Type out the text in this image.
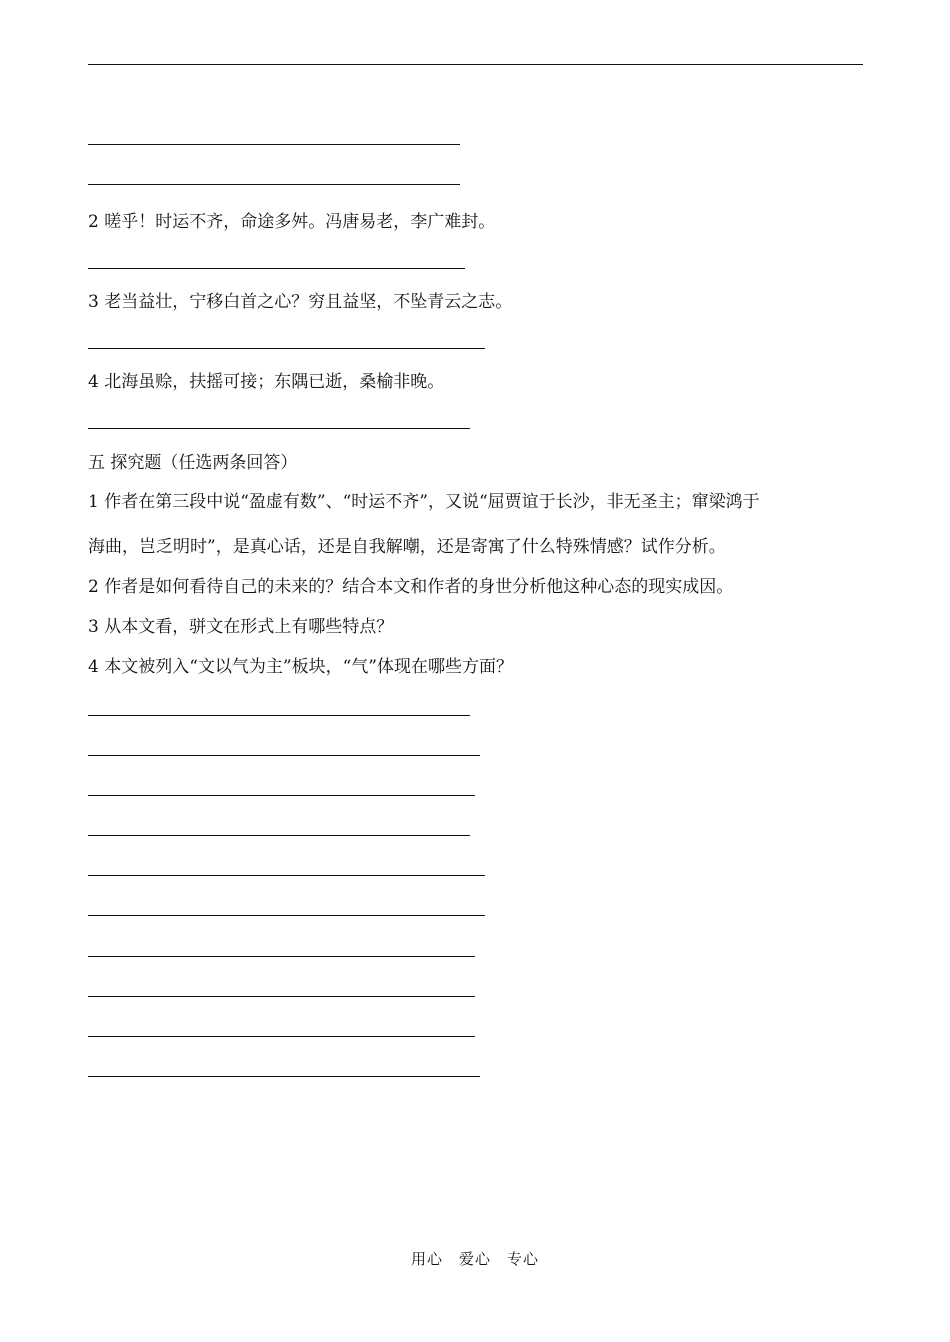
2 嗟乎！时运不齐，命途多舛。冯唐易老，李广难封。
3 老当益壮，宁移白首之心？穷且益坚，不坠青云之志。
4 北海虽赊，扶摇可接；东隅已逝，桑榆非晚。
五 探究题（任选两条回答）
1 作者在第三段中说“盈虚有数”、“时运不齐”，又说“屈贾谊于长沙，非无圣主；窜梁鸿于
海曲，岂乏明时”，是真心话，还是自我解嘲，还是寄寓了什么特殊情感？试作分析。
2 作者是如何看待自己的未来的？结合本文和作者的身世分析他这种心态的现实成因。
3 从本文看，骈文在形式上有哪些特点？
4 本文被列入“文以气为主”板块，“气”体现在哪些方面？
用心　爱心　专心
